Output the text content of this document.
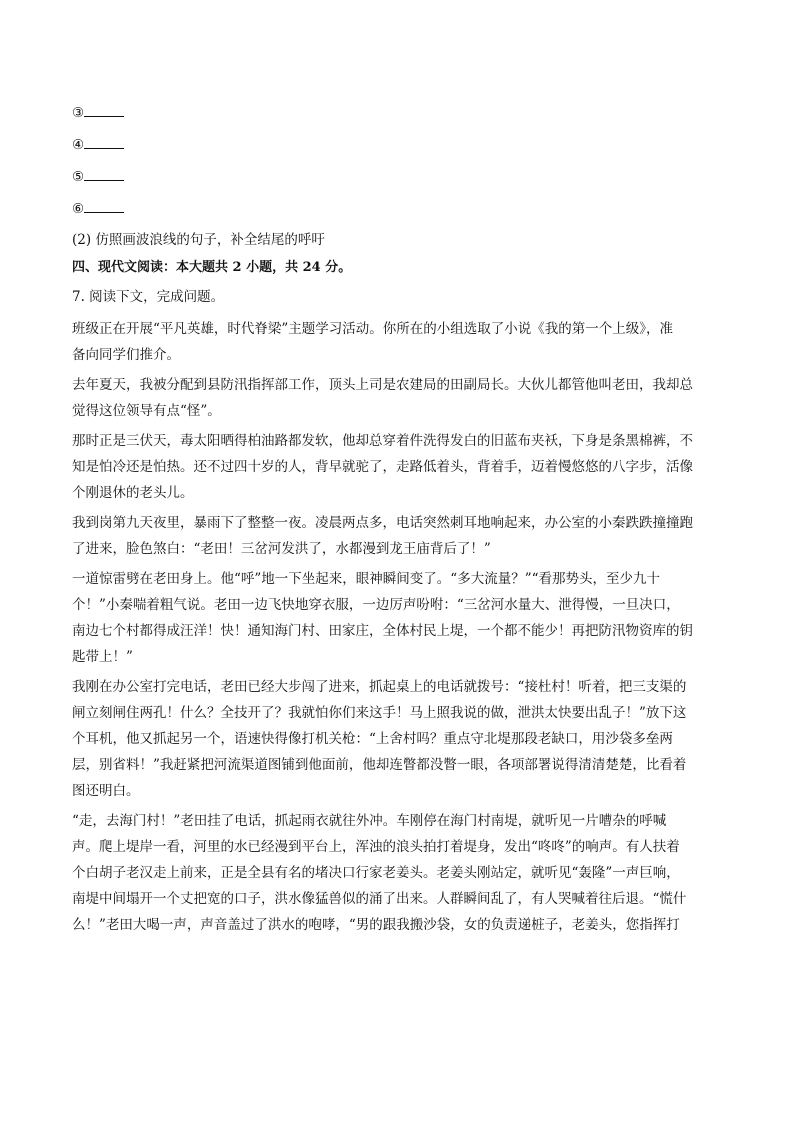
③
④
⑤
⑥
(2) 仿照画波浪线的句子，补全结尾的呼吁
四、现代文阅读：本大题共 2 小题，共 24 分。
7. 阅读下文，完成问题。
班级正在开展“平凡英雄，时代脊梁”主题学习活动。你所在的小组选取了小说《我的第一个上级》，准
备向同学们推介。
去年夏天，我被分配到县防汛指挥部工作，顶头上司是农建局的田副局长。大伙儿都管他叫老田，我却总
觉得这位领导有点“怪”。
那时正是三伏天，毒太阳晒得柏油路都发软，他却总穿着件洗得发白的旧蓝布夹袄，下身是条黑棉裤，不
知是怕冷还是怕热。还不过四十岁的人，背早就驼了，走路低着头，背着手，迈着慢悠悠的八字步，活像
个刚退休的老头儿。
我到岗第九天夜里，暴雨下了整整一夜。凌晨两点多，电话突然刺耳地响起来，办公室的小秦跌跌撞撞跑
了进来，脸色煞白：“老田！三岔河发洪了，水都漫到龙王庙背后了！”
一道惊雷劈在老田身上。他“呼”地一下坐起来，眼神瞬间变了。“多大流量？”“看那势头，至少九十
个！”小秦喘着粗气说。老田一边飞快地穿衣服，一边厉声吩咐：“三岔河水量大、泄得慢，一旦决口，
南边七个村都得成汪洋！快！通知海门村、田家庄，全体村民上堤，一个都不能少！再把防汛物资库的钥
匙带上！”
我刚在办公室打完电话，老田已经大步闯了进来，抓起桌上的电话就拨号：“接杜村！听着，把三支渠的
闸立刻闸住两孔！什么？全技开了？我就怕你们来这手！马上照我说的做，泄洪太快要出乱子！”放下这
个耳机，他又抓起另一个，语速快得像打机关枪：“上舍村吗？重点守北堤那段老缺口，用沙袋多垒两
层，别省料！”我赶紧把河流渠道图铺到他面前，他却连瞥都没瞥一眼，各项部署说得清清楚楚，比看着
图还明白。
“走，去海门村！”老田挂了电话，抓起雨衣就往外冲。车刚停在海门村南堤，就听见一片嘈杂的呼喊
声。爬上堤岸一看，河里的水已经漫到平台上，浑浊的浪头拍打着堤身，发出“咚咚”的响声。有人扶着
个白胡子老汉走上前来，正是全县有名的堵决口行家老姜头。老姜头刚站定，就听见“轰隆”一声巨响，
南堤中间塌开一个丈把宽的口子，洪水像猛兽似的涌了出来。人群瞬间乱了，有人哭喊着往后退。“慌什
么！”老田大喝一声，声音盖过了洪水的咆哮，“男的跟我搬沙袋，女的负责递桩子，老姜头，您指挥打
